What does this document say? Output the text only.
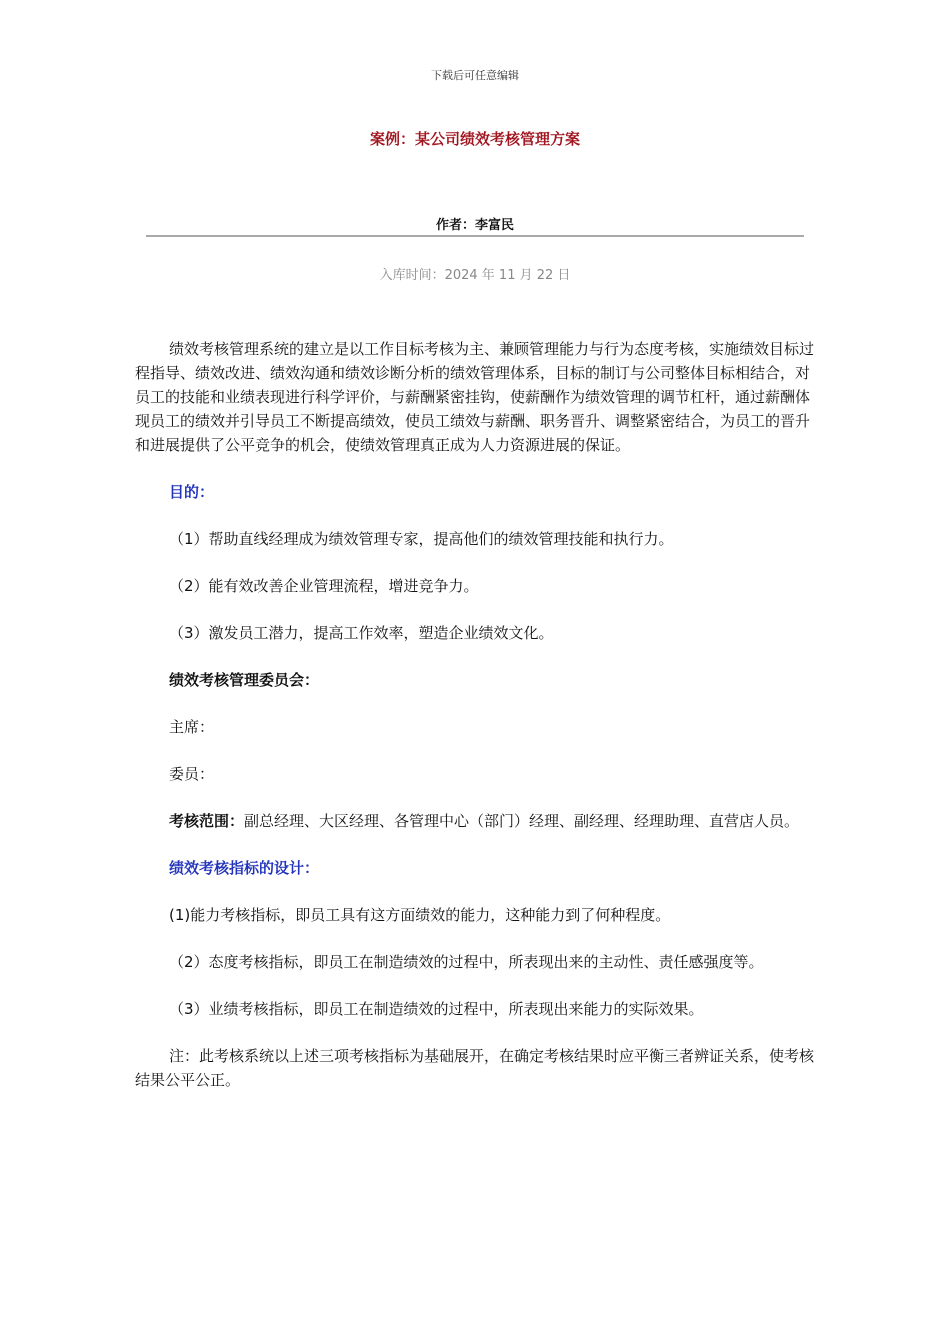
下载后可任意编辑
案例：某公司绩效考核管理方案
作者：李富民
入库时间：2024 年 11 月 22 日

绩效考核管理系统的建立是以工作目标考核为主、兼顾管理能力与行为态度考核，实施绩效目标过程指导、绩效改进、绩效沟通和绩效诊断分析的绩效管理体系，目标的制订与公司整体目标相结合，对员工的技能和业绩表现进行科学评价，与薪酬紧密挂钩，使薪酬作为绩效管理的调节杠杆，通过薪酬体现员工的绩效并引导员工不断提高绩效，使员工绩效与薪酬、职务晋升、调整紧密结合，为员工的晋升和进展提供了公平竞争的机会，使绩效管理真正成为人力资源进展的保证。

目的：

（1）帮助直线经理成为绩效管理专家，提高他们的绩效管理技能和执行力。

（2）能有效改善企业管理流程，增进竞争力。

（3）激发员工潜力，提高工作效率，塑造企业绩效文化。

绩效考核管理委员会：

主席：

委员：

考核范围：副总经理、大区经理、各管理中心（部门）经理、副经理、经理助理、直营店人员。

绩效考核指标的设计：

(1)能力考核指标，即员工具有这方面绩效的能力，这种能力到了何种程度。

（2）态度考核指标，即员工在制造绩效的过程中，所表现出来的主动性、责任感强度等。

（3）业绩考核指标，即员工在制造绩效的过程中，所表现出来能力的实际效果。

注：此考核系统以上述三项考核指标为基础展开，在确定考核结果时应平衡三者辨证关系，使考核结果公平公正。
